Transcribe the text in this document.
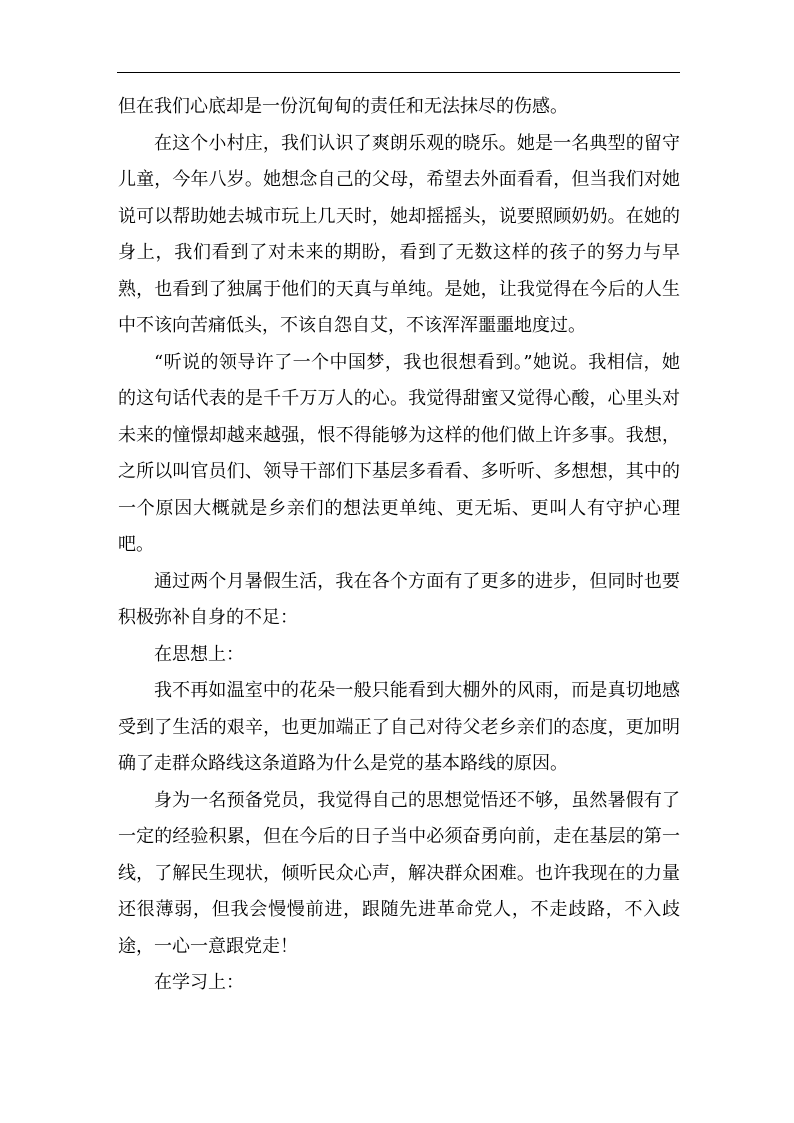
但在我们心底却是一份沉甸甸的责任和无法抹尽的伤感。

在这个小村庄，我们认识了爽朗乐观的晓乐。她是一名典型的留守儿童，今年八岁。她想念自己的父母，希望去外面看看，但当我们对她说可以帮助她去城市玩上几天时，她却摇摇头，说要照顾奶奶。在她的身上，我们看到了对未来的期盼，看到了无数这样的孩子的努力与早熟，也看到了独属于他们的天真与单纯。是她，让我觉得在今后的人生中不该向苦痛低头，不该自怨自艾，不该浑浑噩噩地度过。

“听说的领导许了一个中国梦，我也很想看到。”她说。我相信，她的这句话代表的是千千万万人的心。我觉得甜蜜又觉得心酸，心里头对未来的憧憬却越来越强，恨不得能够为这样的他们做上许多事。我想，之所以叫官员们、领导干部们下基层多看看、多听听、多想想，其中的一个原因大概就是乡亲们的想法更单纯、更无垢、更叫人有守护心理吧。

通过两个月暑假生活，我在各个方面有了更多的进步，但同时也要积极弥补自身的不足：

在思想上：

我不再如温室中的花朵一般只能看到大棚外的风雨，而是真切地感受到了生活的艰辛，也更加端正了自己对待父老乡亲们的态度，更加明确了走群众路线这条道路为什么是党的基本路线的原因。

身为一名预备党员，我觉得自己的思想觉悟还不够，虽然暑假有了一定的经验积累，但在今后的日子当中必须奋勇向前，走在基层的第一线，了解民生现状，倾听民众心声，解决群众困难。也许我现在的力量还很薄弱，但我会慢慢前进，跟随先进革命党人，不走歧路，不入歧途，一心一意跟党走！

在学习上：
